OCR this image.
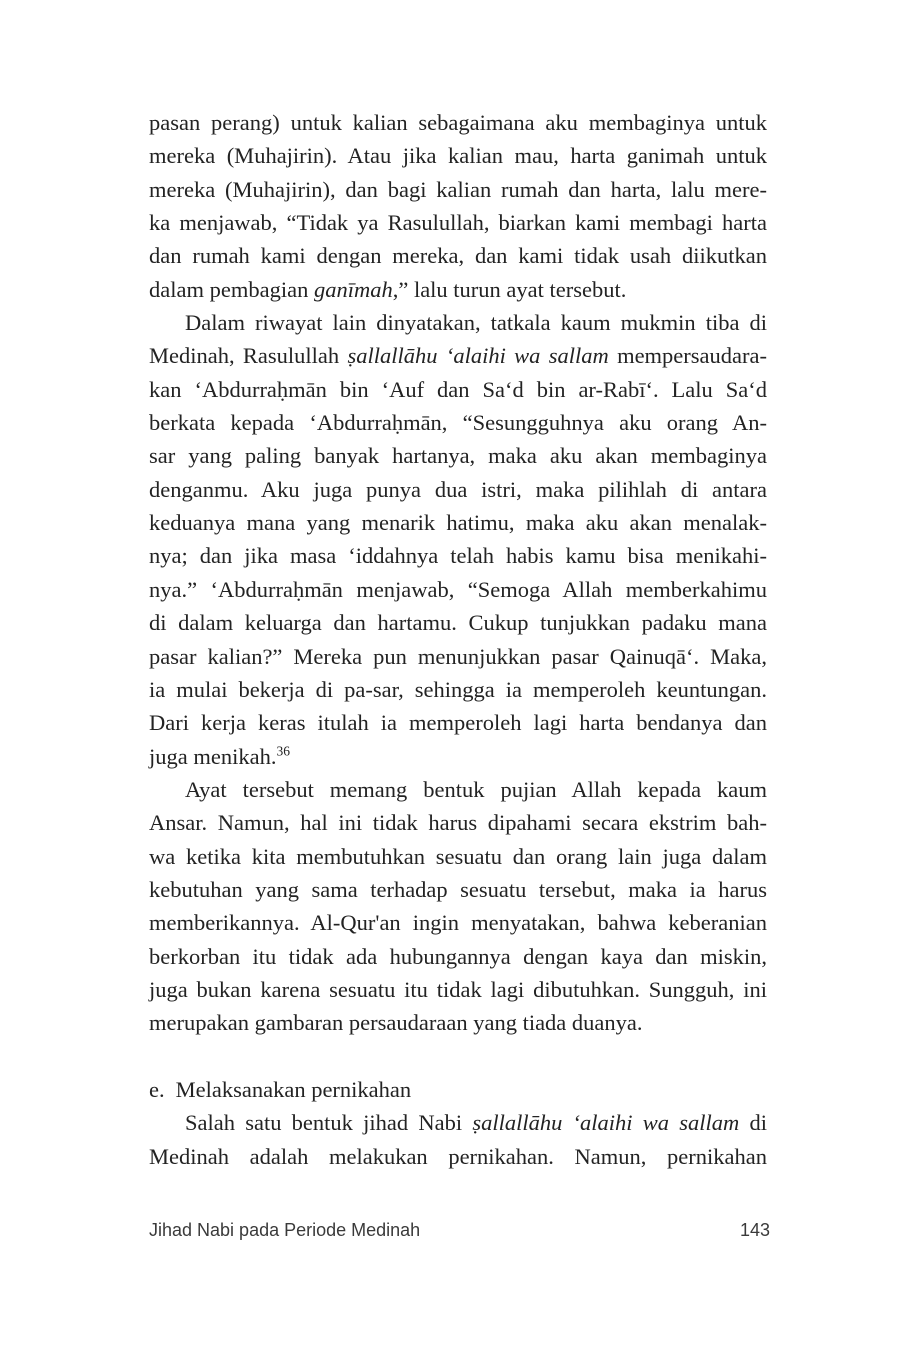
pasan perang) untuk kalian sebagaimana aku membaginya untuk
mereka (Muhajirin). Atau jika kalian mau, harta ganimah untuk
mereka (Muhajirin), dan bagi kalian rumah dan harta, lalu mere-
ka menjawab, “Tidak ya Rasulullah, biarkan kami membagi harta
dan rumah kami dengan mereka, dan kami tidak usah diikutkan
dalam pembagian ganīmah,” lalu turun ayat tersebut.
Dalam riwayat lain dinyatakan, tatkala kaum mukmin tiba di
Medinah, Rasulullah ṣallallāhu ‘alaihi wa sallam mempersaudara-
kan ‘Abdurraḥmān bin ‘Auf dan Sa‘d bin ar-Rabī‘. Lalu Sa‘d
berkata kepada ‘Abdurraḥmān, “Sesungguhnya aku orang An-
sar yang paling banyak hartanya, maka aku akan membaginya
denganmu. Aku juga punya dua istri, maka pilihlah di antara
keduanya mana yang menarik hatimu, maka aku akan menalak-
nya; dan jika masa ‘iddahnya telah habis kamu bisa menikahi-
nya.” ‘Abdurraḥmān menjawab, “Semoga Allah memberkahimu
di dalam keluarga dan hartamu. Cukup tunjukkan padaku mana
pasar kalian?” Mereka pun menunjukkan pasar Qainuqā‘. Maka,
ia mulai bekerja di pa-sar, sehingga ia memperoleh keuntungan.
Dari kerja keras itulah ia memperoleh lagi harta bendanya dan
juga menikah.$^{36}$
Ayat tersebut memang bentuk pujian Allah kepada kaum
Ansar. Namun, hal ini tidak harus dipahami secara ekstrim bah-
wa ketika kita membutuhkan sesuatu dan orang lain juga dalam
kebutuhan yang sama terhadap sesuatu tersebut, maka ia harus
memberikannya. Al-Qur'an ingin menyatakan, bahwa keberanian
berkorban itu tidak ada hubungannya dengan kaya dan miskin,
juga bukan karena sesuatu itu tidak lagi dibutuhkan. Sungguh, ini
merupakan gambaran persaudaraan yang tiada duanya.
e. Melaksanakan pernikahan
Salah satu bentuk jihad Nabi ṣallallāhu ‘alaihi wa sallam di
Medinah adalah melakukan pernikahan. Namun, pernikahan
Jihad Nabi pada Periode Medinah	143
